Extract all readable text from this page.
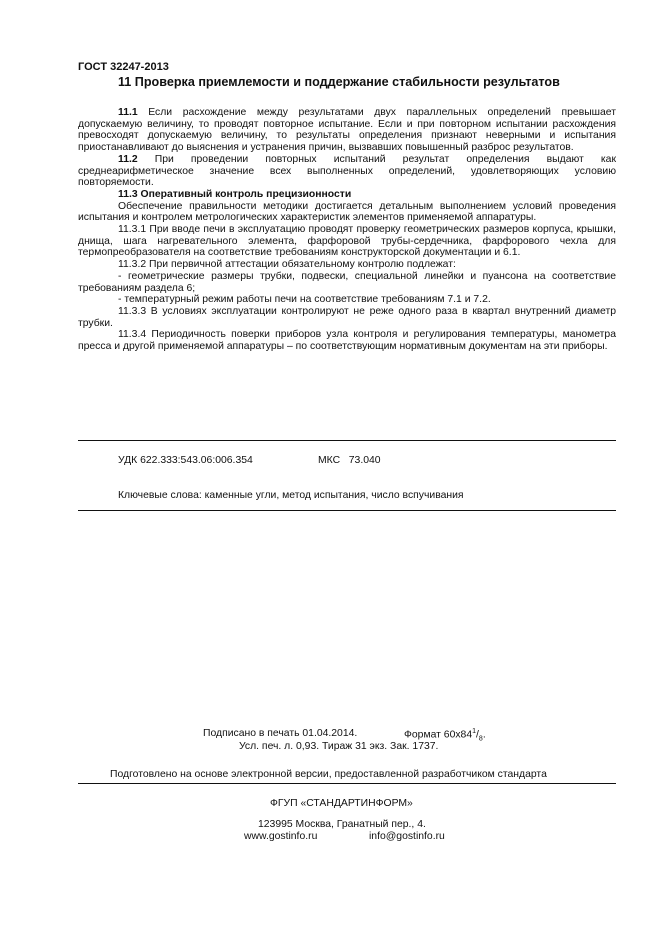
ГОСТ 32247-2013
11 Проверка приемлемости и поддержание стабильности результатов

11.1 Если расхождение между результатами двух параллельных определений превышает допускаемую величину, то проводят повторное испытание. Если и при повторном испытании расхождения превосходят допускаемую величину, то результаты определения признают неверными и испытания приостанавливают до выяснения и устранения причин, вызвавших повышенный разброс результатов.

11.2 При проведении повторных испытаний результат определения выдают как среднеарифметическое значение всех выполненных определений, удовлетворяющих условию повторяемости.

11.3 Оперативный контроль прецизионности

Обеспечение правильности методики достигается детальным выполнением условий проведения испытания и контролем метрологических характеристик элементов применяемой аппаратуры.

11.3.1 При вводе печи в эксплуатацию проводят проверку геометрических размеров корпуса, крышки, днища, шага нагревательного элемента, фарфоровой трубы-сердечника, фарфорового чехла для термопреобразователя на соответствие требованиям конструкторской документации и 6.1.

11.3.2 При первичной аттестации обязательному контролю подлежат:

- геометрические размеры трубки, подвески, специальной линейки и пуансона на соответствие требованиям раздела 6;

- температурный режим работы печи на соответствие требованиям 7.1 и 7.2.

11.3.3 В условиях эксплуатации контролируют не реже одного раза в квартал внутренний диаметр трубки.

11.3.4 Периодичность поверки приборов узла контроля и регулирования температуры, манометра пресса и другой применяемой аппаратуры – по соответствующим нормативным документам на эти приборы.

УДК 622.333:543.06:006.354	МКС 73.040
Ключевые слова: каменные угли, метод испытания, число вспучивания
Подписано в печать 01.04.2014.	Формат $60x84^1/_8$.
Усл. печ. л. 0,93. Тираж 31 экз. Зак. 1737.
Подготовлено на основе электронной версии, предоставленной разработчиком стандарта
ФГУП «СТАНДАРТИНФОРМ»
123995 Москва, Гранатный пер., 4.
www.gostinfo.ru	info@gostinfo.ru
